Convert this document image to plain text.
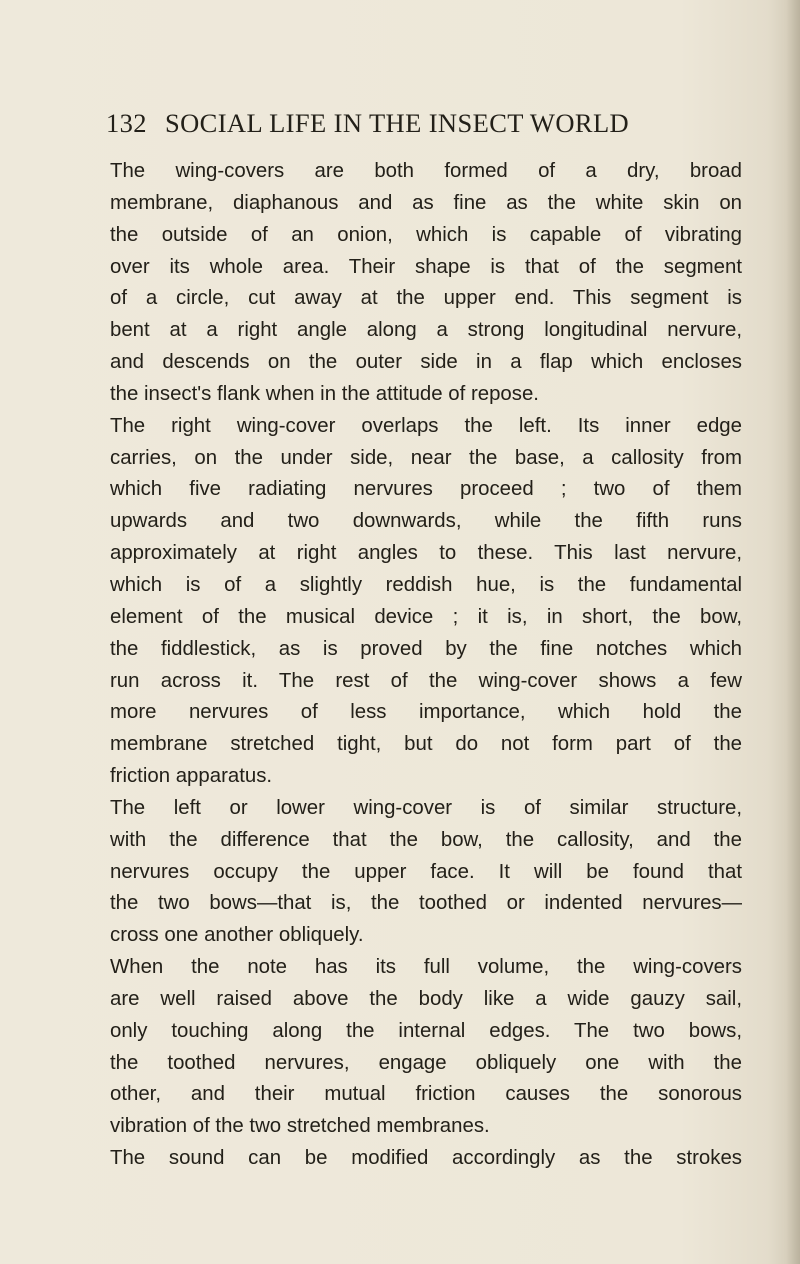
132 SOCIAL LIFE IN THE INSECT WORLD
The wing-covers are both formed of a dry, broad
membrane, diaphanous and as fine as the white skin on
the outside of an onion, which is capable of vibrating
over its whole area. Their shape is that of the segment
of a circle, cut away at the upper end. This segment is
bent at a right angle along a strong longitudinal nervure,
and descends on the outer side in a flap which encloses
the insect's flank when in the attitude of repose.
The right wing-cover overlaps the left. Its inner edge
carries, on the under side, near the base, a callosity from
which five radiating nervures proceed ; two of them
upwards and two downwards, while the fifth runs
approximately at right angles to these. This last nervure,
which is of a slightly reddish hue, is the fundamental
element of the musical device ; it is, in short, the bow,
the fiddlestick, as is proved by the fine notches which
run across it. The rest of the wing-cover shows a few
more nervures of less importance, which hold the
membrane stretched tight, but do not form part of the
friction apparatus.
The left or lower wing-cover is of similar structure,
with the difference that the bow, the callosity, and the
nervures occupy the upper face. It will be found that
the two bows—that is, the toothed or indented nervures—
cross one another obliquely.
When the note has its full volume, the wing-covers
are well raised above the body like a wide gauzy sail,
only touching along the internal edges. The two bows,
the toothed nervures, engage obliquely one with the
other, and their mutual friction causes the sonorous
vibration of the two stretched membranes.
The sound can be modified accordingly as the strokes
